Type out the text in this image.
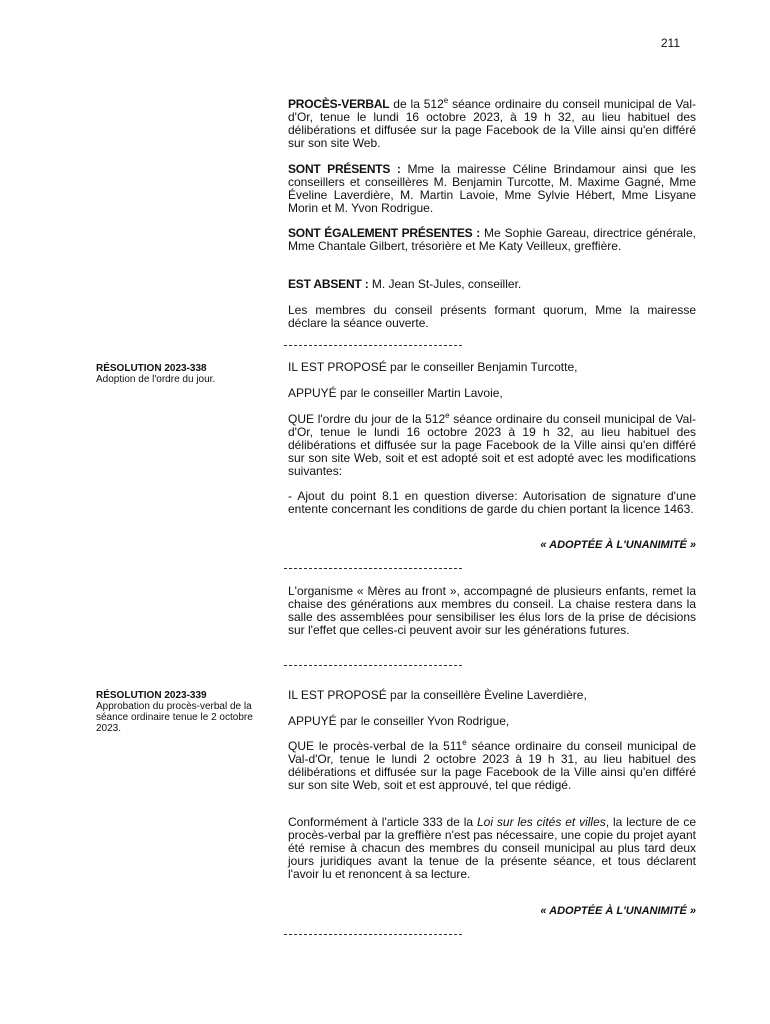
211

PROCÈS-VERBAL de la 512e séance ordinaire du conseil municipal de Val-d'Or, tenue le lundi 16 octobre 2023, à 19 h 32, au lieu habituel des délibérations et diffusée sur la page Facebook de la Ville ainsi qu'en différé sur son site Web.

SONT PRÉSENTS : Mme la mairesse Céline Brindamour ainsi que les conseillers et conseillères M. Benjamin Turcotte, M. Maxime Gagné, Mme Éveline Laverdière, M. Martin Lavoie, Mme Sylvie Hébert, Mme Lisyane Morin et M. Yvon Rodrigue.

SONT ÉGALEMENT PRÉSENTES : Me Sophie Gareau, directrice générale, Mme Chantale Gilbert, trésorière et Me Katy Veilleux, greffière.

EST ABSENT : M. Jean St-Jules, conseiller.

Les membres du conseil présents formant quorum, Mme la mairesse déclare la séance ouverte.

RÉSOLUTION 2023-338
Adoption de l'ordre du jour.

IL EST PROPOSÉ par le conseiller Benjamin Turcotte,

APPUYÉ par le conseiller Martin Lavoie,

QUE l'ordre du jour de la 512e séance ordinaire du conseil municipal de Val-d'Or, tenue le lundi 16 octobre 2023 à 19 h 32, au lieu habituel des délibérations et diffusée sur la page Facebook de la Ville ainsi qu'en différé sur son site Web, soit et est adopté soit et est adopté avec les modifications suivantes:

- Ajout du point 8.1 en question diverse: Autorisation de signature d'une entente concernant les conditions de garde du chien portant la licence 1463.

« ADOPTÉE À L'UNANIMITÉ »

L'organisme « Mères au front », accompagné de plusieurs enfants, remet la chaise des générations aux membres du conseil. La chaise restera dans la salle des assemblées pour sensibiliser les élus lors de la prise de décisions sur l'effet que celles-ci peuvent avoir sur les générations futures.

RÉSOLUTION 2023-339
Approbation du procès-verbal de la séance ordinaire tenue le 2 octobre 2023.

IL EST PROPOSÉ par la conseillère Èveline Laverdière,

APPUYÉ par le conseiller Yvon Rodrigue,

QUE le procès-verbal de la 511e séance ordinaire du conseil municipal de Val-d'Or, tenue le lundi 2 octobre 2023 à 19 h 31, au lieu habituel des délibérations et diffusée sur la page Facebook de la Ville ainsi qu'en différé sur son site Web, soit et est approuvé, tel que rédigé.

Conformément à l'article 333 de la Loi sur les cités et villes, la lecture de ce procès-verbal par la greffière n'est pas nécessaire, une copie du projet ayant été remise à chacun des membres du conseil municipal au plus tard deux jours juridiques avant la tenue de la présente séance, et tous déclarent l'avoir lu et renoncent à sa lecture.

« ADOPTÉE À L'UNANIMITÉ »
